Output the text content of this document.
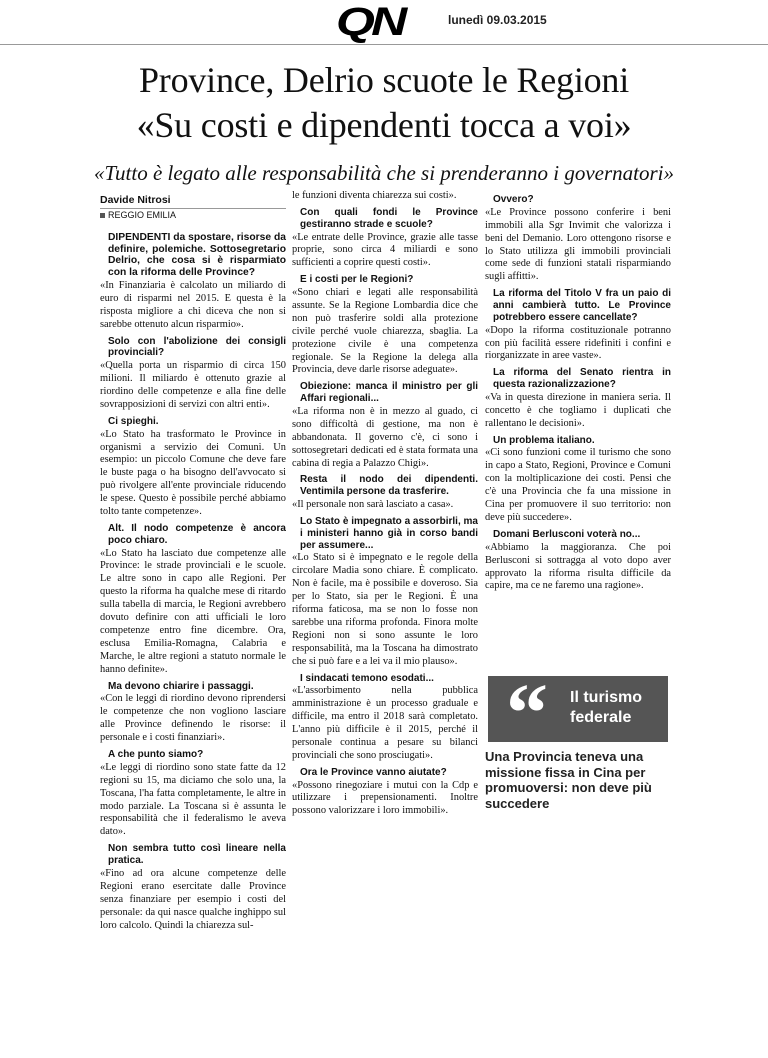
QN	lunedì 09.03.2015
Province, Delrio scuote le Regioni
«Su costi e dipendenti tocca a voi»
«Tutto è legato alle responsabilità che si prenderanno i governatori»

Davide Nitrosi

REGGIO EMILIA

DIPENDENTI da spostare, risorse da definire, polemiche. Sottosegretario Delrio, che cosa si è risparmiato con la riforma delle Province?

«In Finanziaria è calcolato un miliardo di euro di risparmi nel 2015. E questa è la risposta migliore a chi diceva che non si sarebbe ottenuto alcun risparmio».

Solo con l'abolizione dei consigli provinciali?

«Quella porta un risparmio di circa 150 milioni. Il miliardo è ottenuto grazie al riordino delle competenze e alla fine delle sovrapposizioni di servizi con altri enti».

Ci spieghi.

«Lo Stato ha trasformato le Province in organismi a servizio dei Comuni. Un esempio: un piccolo Comune che deve fare le buste paga o ha bisogno dell'avvocato si può rivolgere all'ente provinciale riducendo le spese. Questo è possibile perché abbiamo tolto tante competenze».

Alt. Il nodo competenze è ancora poco chiaro.

«Lo Stato ha lasciato due competenze alle Province: le strade provinciali e le scuole. Le altre sono in capo alle Regioni. Per questo la riforma ha qualche mese di ritardo sulla tabella di marcia, le Regioni avrebbero dovuto definire con atti ufficiali le loro competenze entro fine dicembre. Ora, esclusa Emilia-Romagna, Calabria e Marche, le altre regioni a statuto normale le hanno definite».

Ma devono chiarire i passaggi.

«Con le leggi di riordino devono riprendersi le competenze che non vogliono lasciare alle Province definendo le risorse: il personale e i costi finanziari».

A che punto siamo?

«Le leggi di riordino sono state fatte da 12 regioni su 15, ma diciamo che solo una, la Toscana, l'ha fatta completamente, le altre in modo parziale. La Toscana si è assunta le responsabilità che il federalismo le aveva dato».

Non sembra tutto così lineare nella pratica.

«Fino ad ora alcune competenze delle Regioni erano esercitate dalle Province senza finanziare per esempio i costi del personale: da qui nasce qualche inghippo sul loro calcolo. Quindi la chiarezza sul-

le funzioni diventa chiarezza sui costi».

Con quali fondi le Province gestiranno strade e scuole?

«Le entrate delle Province, grazie alle tasse proprie, sono circa 4 miliardi e sono sufficienti a coprire questi costi».

E i costi per le Regioni?

«Sono chiari e legati alle responsabilità assunte. Se la Regione Lombardia dice che non può trasferire soldi alla protezione civile perché vuole chiarezza, sbaglia. La protezione civile è una competenza regionale. Se la Regione la delega alla Provincia, deve darle risorse adeguate».

Obiezione: manca il ministro per gli Affari regionali...

«La riforma non è in mezzo al guado, ci sono difficoltà di gestione, ma non è abbandonata. Il governo c'è, ci sono i sottosegretari dedicati ed è stata formata una cabina di regia a Palazzo Chigi».

Resta il nodo dei dipendenti. Ventimila persone da trasferire.

«Il personale non sarà lasciato a casa».

Lo Stato è impegnato a assorbirli, ma i ministeri hanno già in corso bandi per assumere...

«Lo Stato si è impegnato e le regole della circolare Madia sono chiare. È complicato. Non è facile, ma è possibile e doveroso. Sia per lo Stato, sia per le Regioni. È una riforma faticosa, ma se non lo fosse non sarebbe una riforma profonda. Finora molte Regioni non si sono assunte le loro responsabilità, ma la Toscana ha dimostrato che si può fare e a lei va il mio plauso».

I sindacati temono esodati...

«L'assorbimento nella pubblica amministrazione è un processo graduale e difficile, ma entro il 2018 sarà completato. L'anno più difficile è il 2015, perché il personale continua a pesare su bilanci provinciali che sono prosciugati».

Ora le Province vanno aiutate?

«Possono rinegoziare i mutui con la Cdp e utilizzare i prepensionamenti. Inoltre possono valorizzare i loro immobili».

Ovvero?

«Le Province possono conferire i beni immobili alla Sgr Invimit che valorizza i beni del Demanio. Loro ottengono risorse e lo Stato utilizza gli immobili provinciali come sede di funzioni statali risparmiando sugli affitti».

La riforma del Titolo V fra un paio di anni cambierà tutto. Le Province potrebbero essere cancellate?

«Dopo la riforma costituzionale potranno con più facilità essere ridefiniti i confini e riorganizzate in aree vaste».

La riforma del Senato rientra in questa razionalizzazione?

«Va in questa direzione in maniera seria. Il concetto è che togliamo i duplicati che rallentano le decisioni».

Un problema italiano.

«Ci sono funzioni come il turismo che sono in capo a Stato, Regioni, Province e Comuni con la moltiplicazione dei costi. Pensi che c'è una Provincia che fa una missione in Cina per promuovere il suo territorio: non deve più succedere».

Domani Berlusconi voterà no...

«Abbiamo la maggioranza. Che poi Berlusconi si sottragga al voto dopo aver approvato la riforma risulta difficile da capire, ma ce ne faremo una ragione».

“ Il turismo federale
Una Provincia teneva una missione fissa in Cina per promuoversi: non deve più succedere
